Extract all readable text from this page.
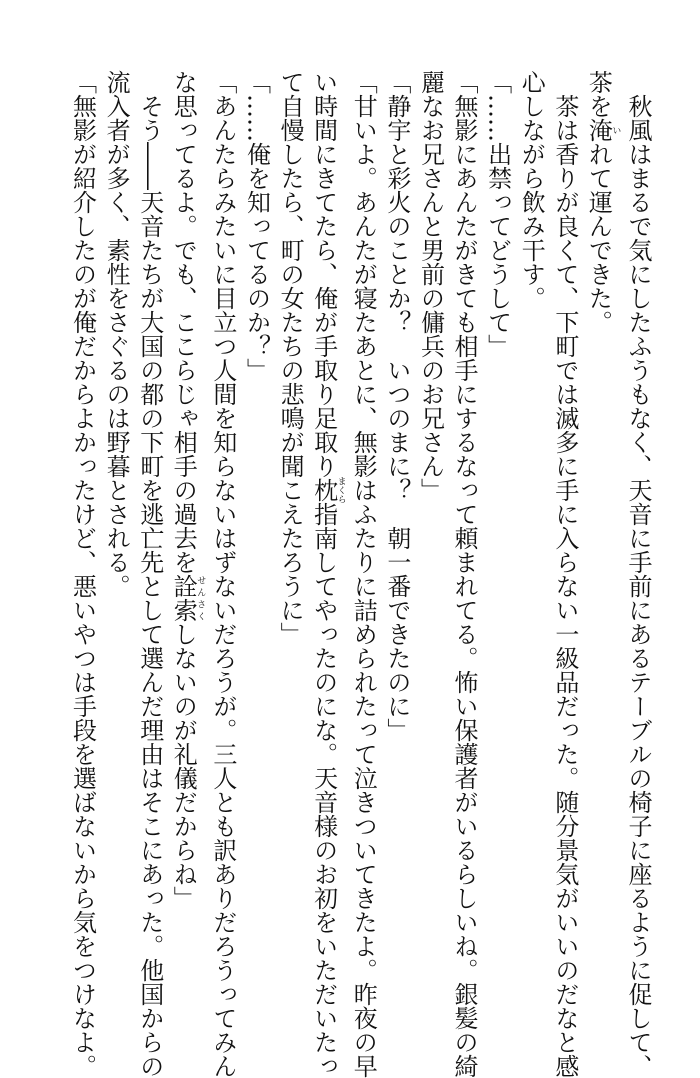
　秋風はまるで気にしたふうもなく、天音に手前にあるテーブルの椅子に座るように促して、
茶を淹いれて運んできた。
　茶は香りが良くて、下町では滅多に手に入らない一級品だった。随分景気がいいのだなと感
心しながら飲み干す。
「……出禁ってどうして」
「無影にあんたがきても相手にするなって頼まれてる。怖い保護者がいるらしいね。銀髪の綺
麗なお兄さんと男前の傭兵のお兄さん」
「静宇と彩火のことか？　いつのまに？　朝一番できたのに」
「甘いよ。あんたが寝たあとに、無影はふたりに詰められたって泣きついてきたよ。昨夜の早
い時間にきてたら、俺が手取り足取り枕まくら指南してやったのにな。天音様のお初をいただいたっ
て自慢したら、町の女たちの悲鳴が聞こえたろうに」
「……俺を知ってるのか？」
「あんたらみたいに目立つ人間を知らないはずないだろうが。三人とも訳ありだろうってみん
な思ってるよ。でも、ここらじゃ相手の過去を詮索せんさくしないのが礼儀だからね」
　そう――天音たちが大国の都の下町を逃亡先として選んだ理由はそこにあった。他国からの
流入者が多く、素性をさぐるのは野暮とされる。
「無影が紹介したのが俺だからよかったけど、悪いやつは手段を選ばないから気をつけなよ。
